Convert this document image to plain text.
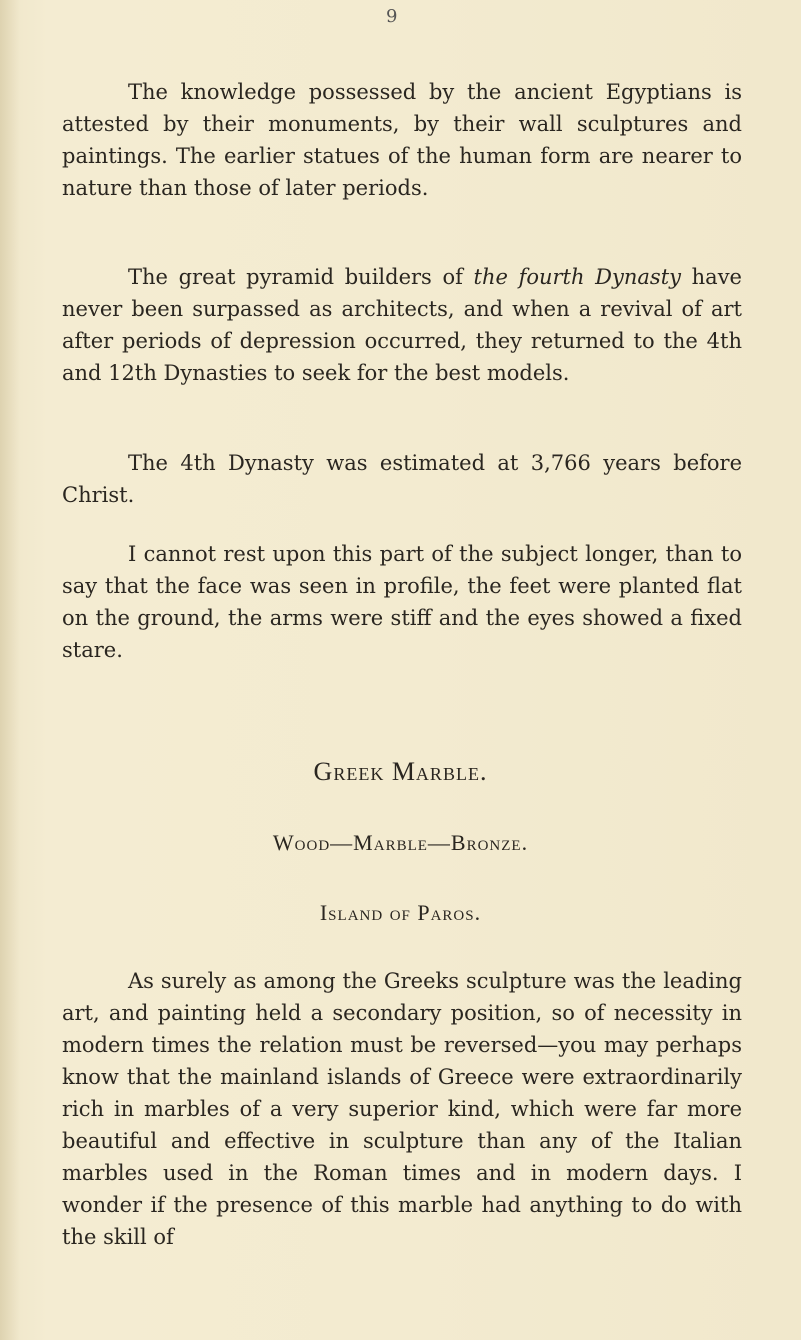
9

The knowledge possessed by the ancient Egyptians is attested by their monuments, by their wall sculptures and paintings. The earlier statues of the human form are nearer to nature than those of later periods.

The great pyramid builders of the fourth Dynasty have never been surpassed as architects, and when a revival of art after periods of depression occurred, they returned to the 4th and 12th Dynasties to seek for the best models.

The 4th Dynasty was estimated at 3,766 years before Christ.

I cannot rest upon this part of the subject longer, than to say that the face was seen in profile, the feet were planted flat on the ground, the arms were stiff and the eyes showed a fixed stare.

Greek Marble.
Wood—Marble—Bronze.
Island of Paros.

As surely as among the Greeks sculpture was the leading art, and painting held a secondary position, so of necessity in modern times the relation must be reversed—you may perhaps know that the mainland islands of Greece were extraordinarily rich in marbles of a very superior kind, which were far more beautiful and effective in sculpture than any of the Italian marbles used in the Roman times and in modern days. I wonder if the presence of this marble had anything to do with the skill of
